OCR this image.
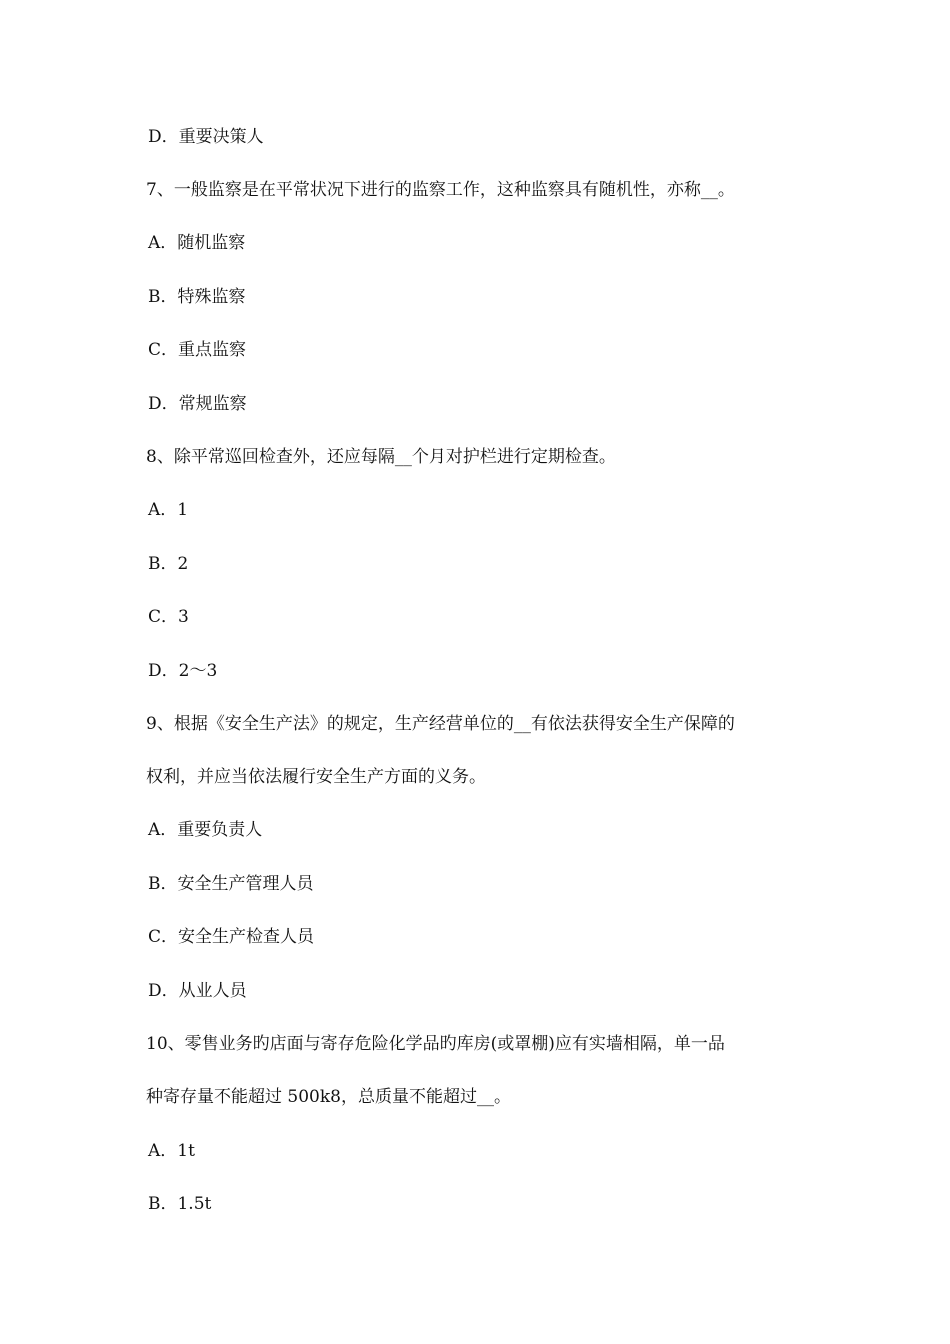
D．重要决策人
7、一般监察是在平常状况下进行的监察工作，这种监察具有随机性，亦称__。
A．随机监察
B．特殊监察
C．重点监察
D．常规监察
8、除平常巡回检查外，还应每隔__个月对护栏进行定期检查。
A．1
B．2
C．3
D．2～3
9、根据《安全生产法》的规定，生产经营单位的__有依法获得安全生产保障的
权利，并应当依法履行安全生产方面的义务。
A．重要负责人
B．安全生产管理人员
C．安全生产检查人员
D．从业人员
10、零售业务旳店面与寄存危险化学品旳库房(或罩棚)应有实墙相隔，单一品
种寄存量不能超过 500k8，总质量不能超过__。
A．1t
B．1.5t
